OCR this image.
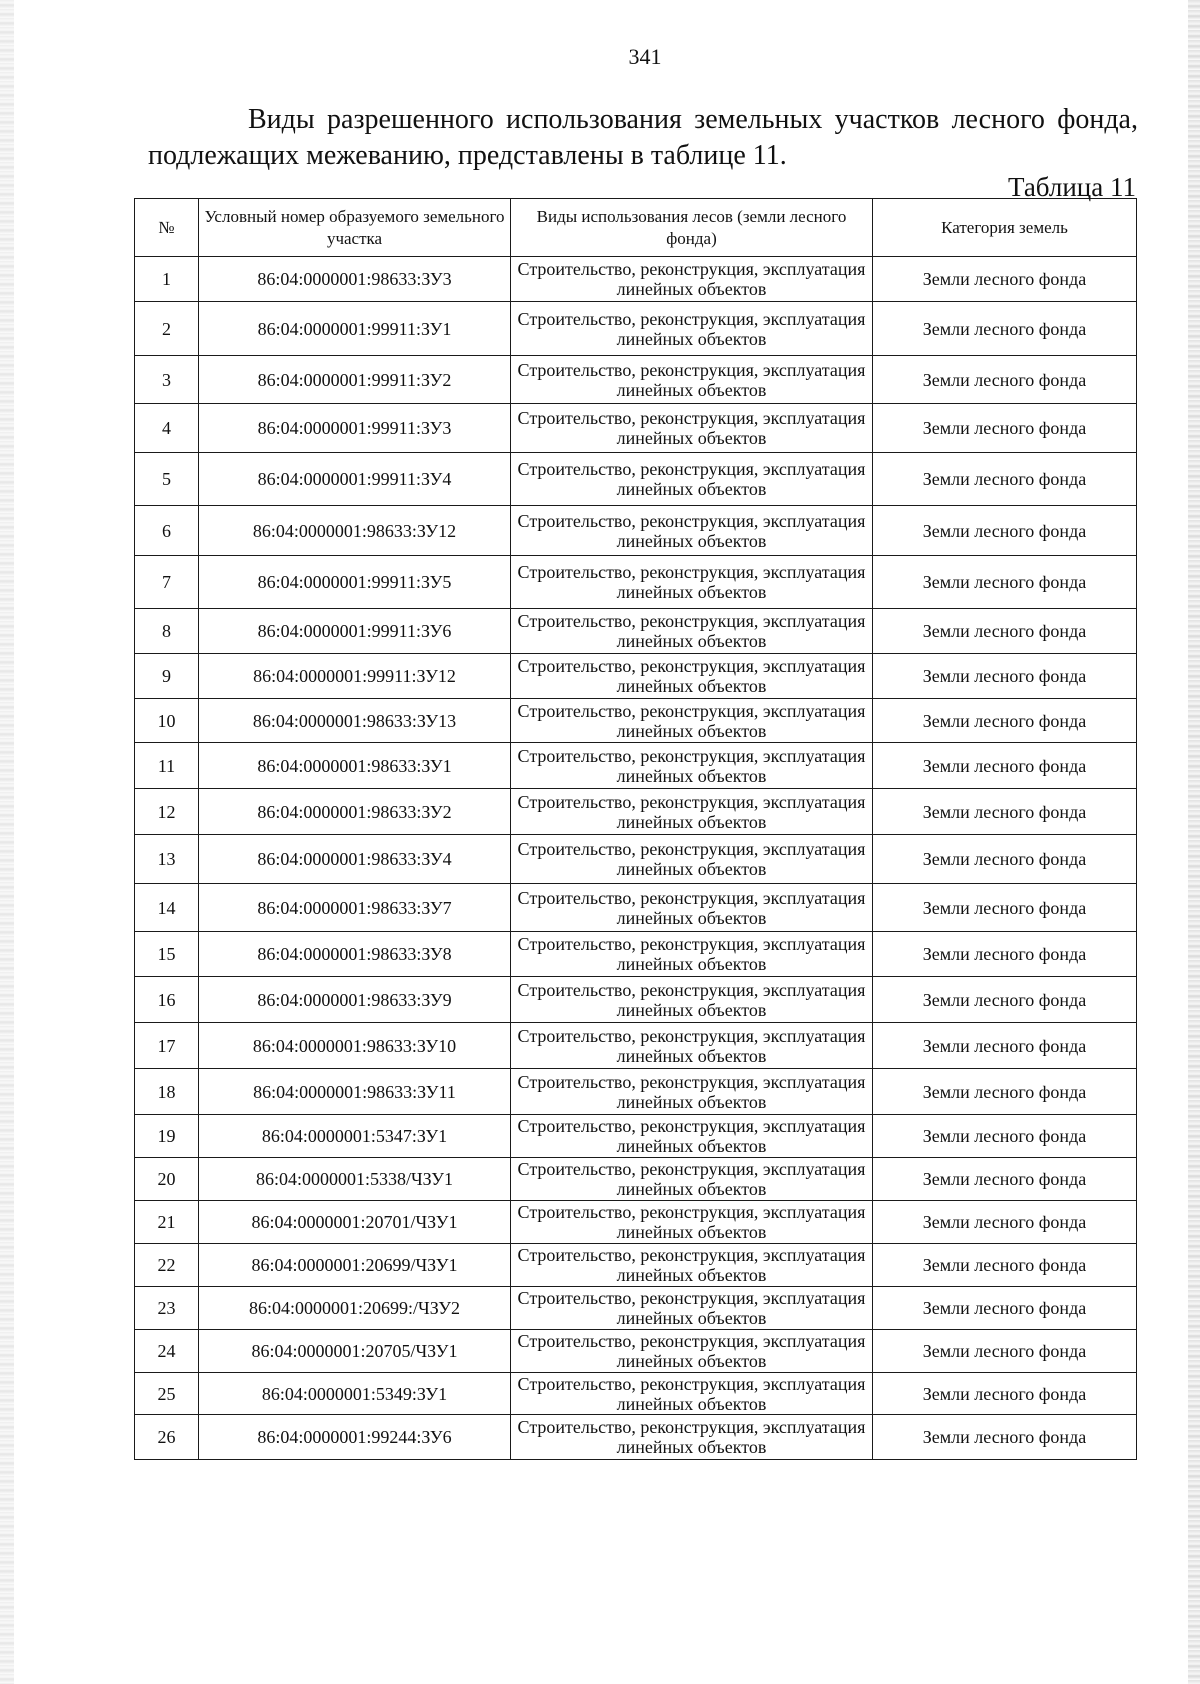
341
Виды разрешенного использования земельных участков лесного фонда,
подлежащих межеванию, представлены в таблице 11.
Таблица 11
№	Условный номер образуемого земельного участка	Виды использования лесов (земли лесного фонда)	Категория земель
1	86:04:0000001:98633:ЗУ3	Строительство, реконструкция, эксплуатация линейных объектов	Земли лесного фонда
2	86:04:0000001:99911:ЗУ1	Строительство, реконструкция, эксплуатация линейных объектов	Земли лесного фонда
3	86:04:0000001:99911:ЗУ2	Строительство, реконструкция, эксплуатация линейных объектов	Земли лесного фонда
4	86:04:0000001:99911:ЗУ3	Строительство, реконструкция, эксплуатация линейных объектов	Земли лесного фонда
5	86:04:0000001:99911:ЗУ4	Строительство, реконструкция, эксплуатация линейных объектов	Земли лесного фонда
6	86:04:0000001:98633:ЗУ12	Строительство, реконструкция, эксплуатация линейных объектов	Земли лесного фонда
7	86:04:0000001:99911:ЗУ5	Строительство, реконструкция, эксплуатация линейных объектов	Земли лесного фонда
8	86:04:0000001:99911:ЗУ6	Строительство, реконструкция, эксплуатация линейных объектов	Земли лесного фонда
9	86:04:0000001:99911:ЗУ12	Строительство, реконструкция, эксплуатация линейных объектов	Земли лесного фонда
10	86:04:0000001:98633:ЗУ13	Строительство, реконструкция, эксплуатация линейных объектов	Земли лесного фонда
11	86:04:0000001:98633:ЗУ1	Строительство, реконструкция, эксплуатация линейных объектов	Земли лесного фонда
12	86:04:0000001:98633:ЗУ2	Строительство, реконструкция, эксплуатация линейных объектов	Земли лесного фонда
13	86:04:0000001:98633:ЗУ4	Строительство, реконструкция, эксплуатация линейных объектов	Земли лесного фонда
14	86:04:0000001:98633:ЗУ7	Строительство, реконструкция, эксплуатация линейных объектов	Земли лесного фонда
15	86:04:0000001:98633:ЗУ8	Строительство, реконструкция, эксплуатация линейных объектов	Земли лесного фонда
16	86:04:0000001:98633:ЗУ9	Строительство, реконструкция, эксплуатация линейных объектов	Земли лесного фонда
17	86:04:0000001:98633:ЗУ10	Строительство, реконструкция, эксплуатация линейных объектов	Земли лесного фонда
18	86:04:0000001:98633:ЗУ11	Строительство, реконструкция, эксплуатация линейных объектов	Земли лесного фонда
19	86:04:0000001:5347:ЗУ1	Строительство, реконструкция, эксплуатация линейных объектов	Земли лесного фонда
20	86:04:0000001:5338/ЧЗУ1	Строительство, реконструкция, эксплуатация линейных объектов	Земли лесного фонда
21	86:04:0000001:20701/ЧЗУ1	Строительство, реконструкция, эксплуатация линейных объектов	Земли лесного фонда
22	86:04:0000001:20699/ЧЗУ1	Строительство, реконструкция, эксплуатация линейных объектов	Земли лесного фонда
23	86:04:0000001:20699:/ЧЗУ2	Строительство, реконструкция, эксплуатация линейных объектов	Земли лесного фонда
24	86:04:0000001:20705/ЧЗУ1	Строительство, реконструкция, эксплуатация линейных объектов	Земли лесного фонда
25	86:04:0000001:5349:ЗУ1	Строительство, реконструкция, эксплуатация линейных объектов	Земли лесного фонда
26	86:04:0000001:99244:ЗУ6	Строительство, реконструкция, эксплуатация линейных объектов	Земли лесного фонда
